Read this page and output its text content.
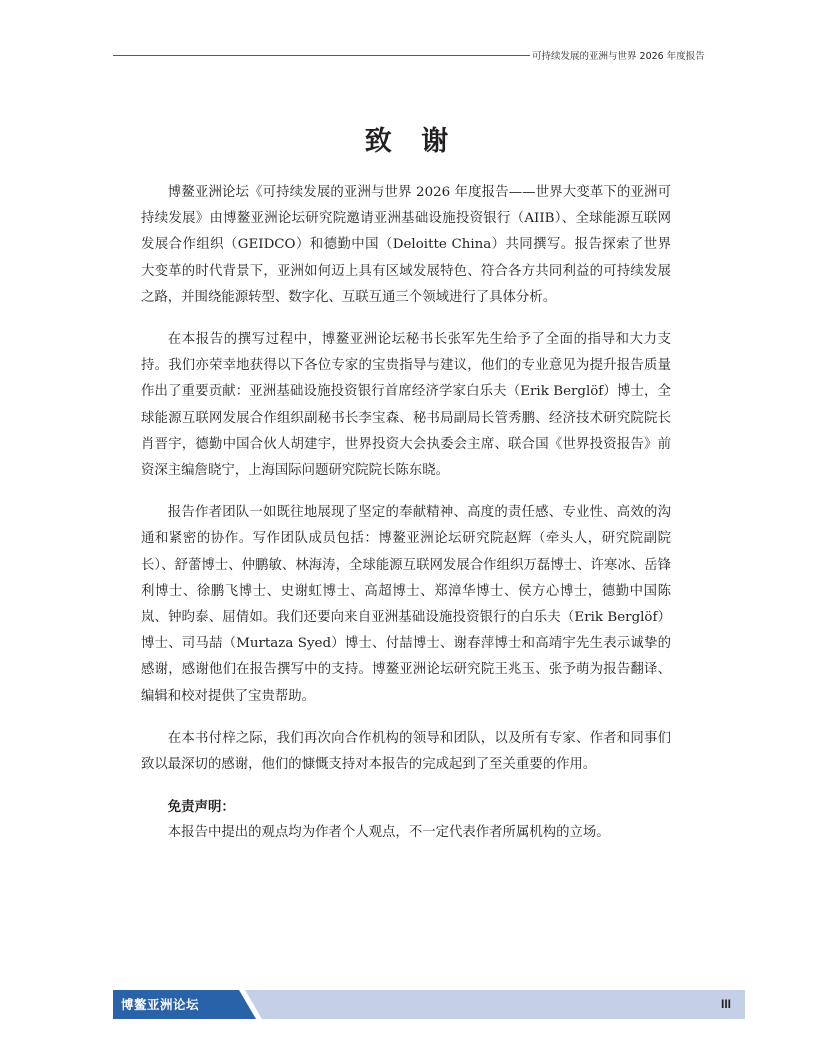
可持续发展的亚洲与世界 2026 年度报告
致 谢

博鳌亚洲论坛《可持续发展的亚洲与世界 2026 年度报告——世界大变革下的亚洲可持续发展》由博鳌亚洲论坛研究院邀请亚洲基础设施投资银行（AIIB）、全球能源互联网发展合作组织（GEIDCO）和德勤中国（Deloitte China）共同撰写。报告探索了世界大变革的时代背景下，亚洲如何迈上具有区域发展特色、符合各方共同利益的可持续发展之路，并围绕能源转型、数字化、互联互通三个领域进行了具体分析。

在本报告的撰写过程中，博鳌亚洲论坛秘书长张军先生给予了全面的指导和大力支持。我们亦荣幸地获得以下各位专家的宝贵指导与建议，他们的专业意见为提升报告质量作出了重要贡献：亚洲基础设施投资银行首席经济学家白乐夫（Erik Berglöf）博士，全球能源互联网发展合作组织副秘书长李宝森、秘书局副局长管秀鹏、经济技术研究院院长肖晋宇，德勤中国合伙人胡建宇，世界投资大会执委会主席、联合国《世界投资报告》前资深主编詹晓宁，上海国际问题研究院院长陈东晓。

报告作者团队一如既往地展现了坚定的奉献精神、高度的责任感、专业性、高效的沟通和紧密的协作。写作团队成员包括：博鳌亚洲论坛研究院赵辉（牵头人，研究院副院长）、舒蕾博士、仲鹏敏、林海涛，全球能源互联网发展合作组织万磊博士、许寒冰、岳锋利博士、徐鹏飞博士、史谢虹博士、高超博士、郑漳华博士、侯方心博士，德勤中国陈岚、钟昀泰、屈倩如。我们还要向来自亚洲基础设施投资银行的白乐夫（Erik Berglöf）博士、司马喆（Murtaza Syed）博士、付喆博士、谢春萍博士和高靖宇先生表示诚挚的感谢，感谢他们在报告撰写中的支持。博鳌亚洲论坛研究院王兆玉、张予萌为报告翻译、编辑和校对提供了宝贵帮助。

在本书付梓之际，我们再次向合作机构的领导和团队，以及所有专家、作者和同事们致以最深切的感谢，他们的慷慨支持对本报告的完成起到了至关重要的作用。

免责声明：

本报告中提出的观点均为作者个人观点，不一定代表作者所属机构的立场。

博鳌亚洲论坛	III
